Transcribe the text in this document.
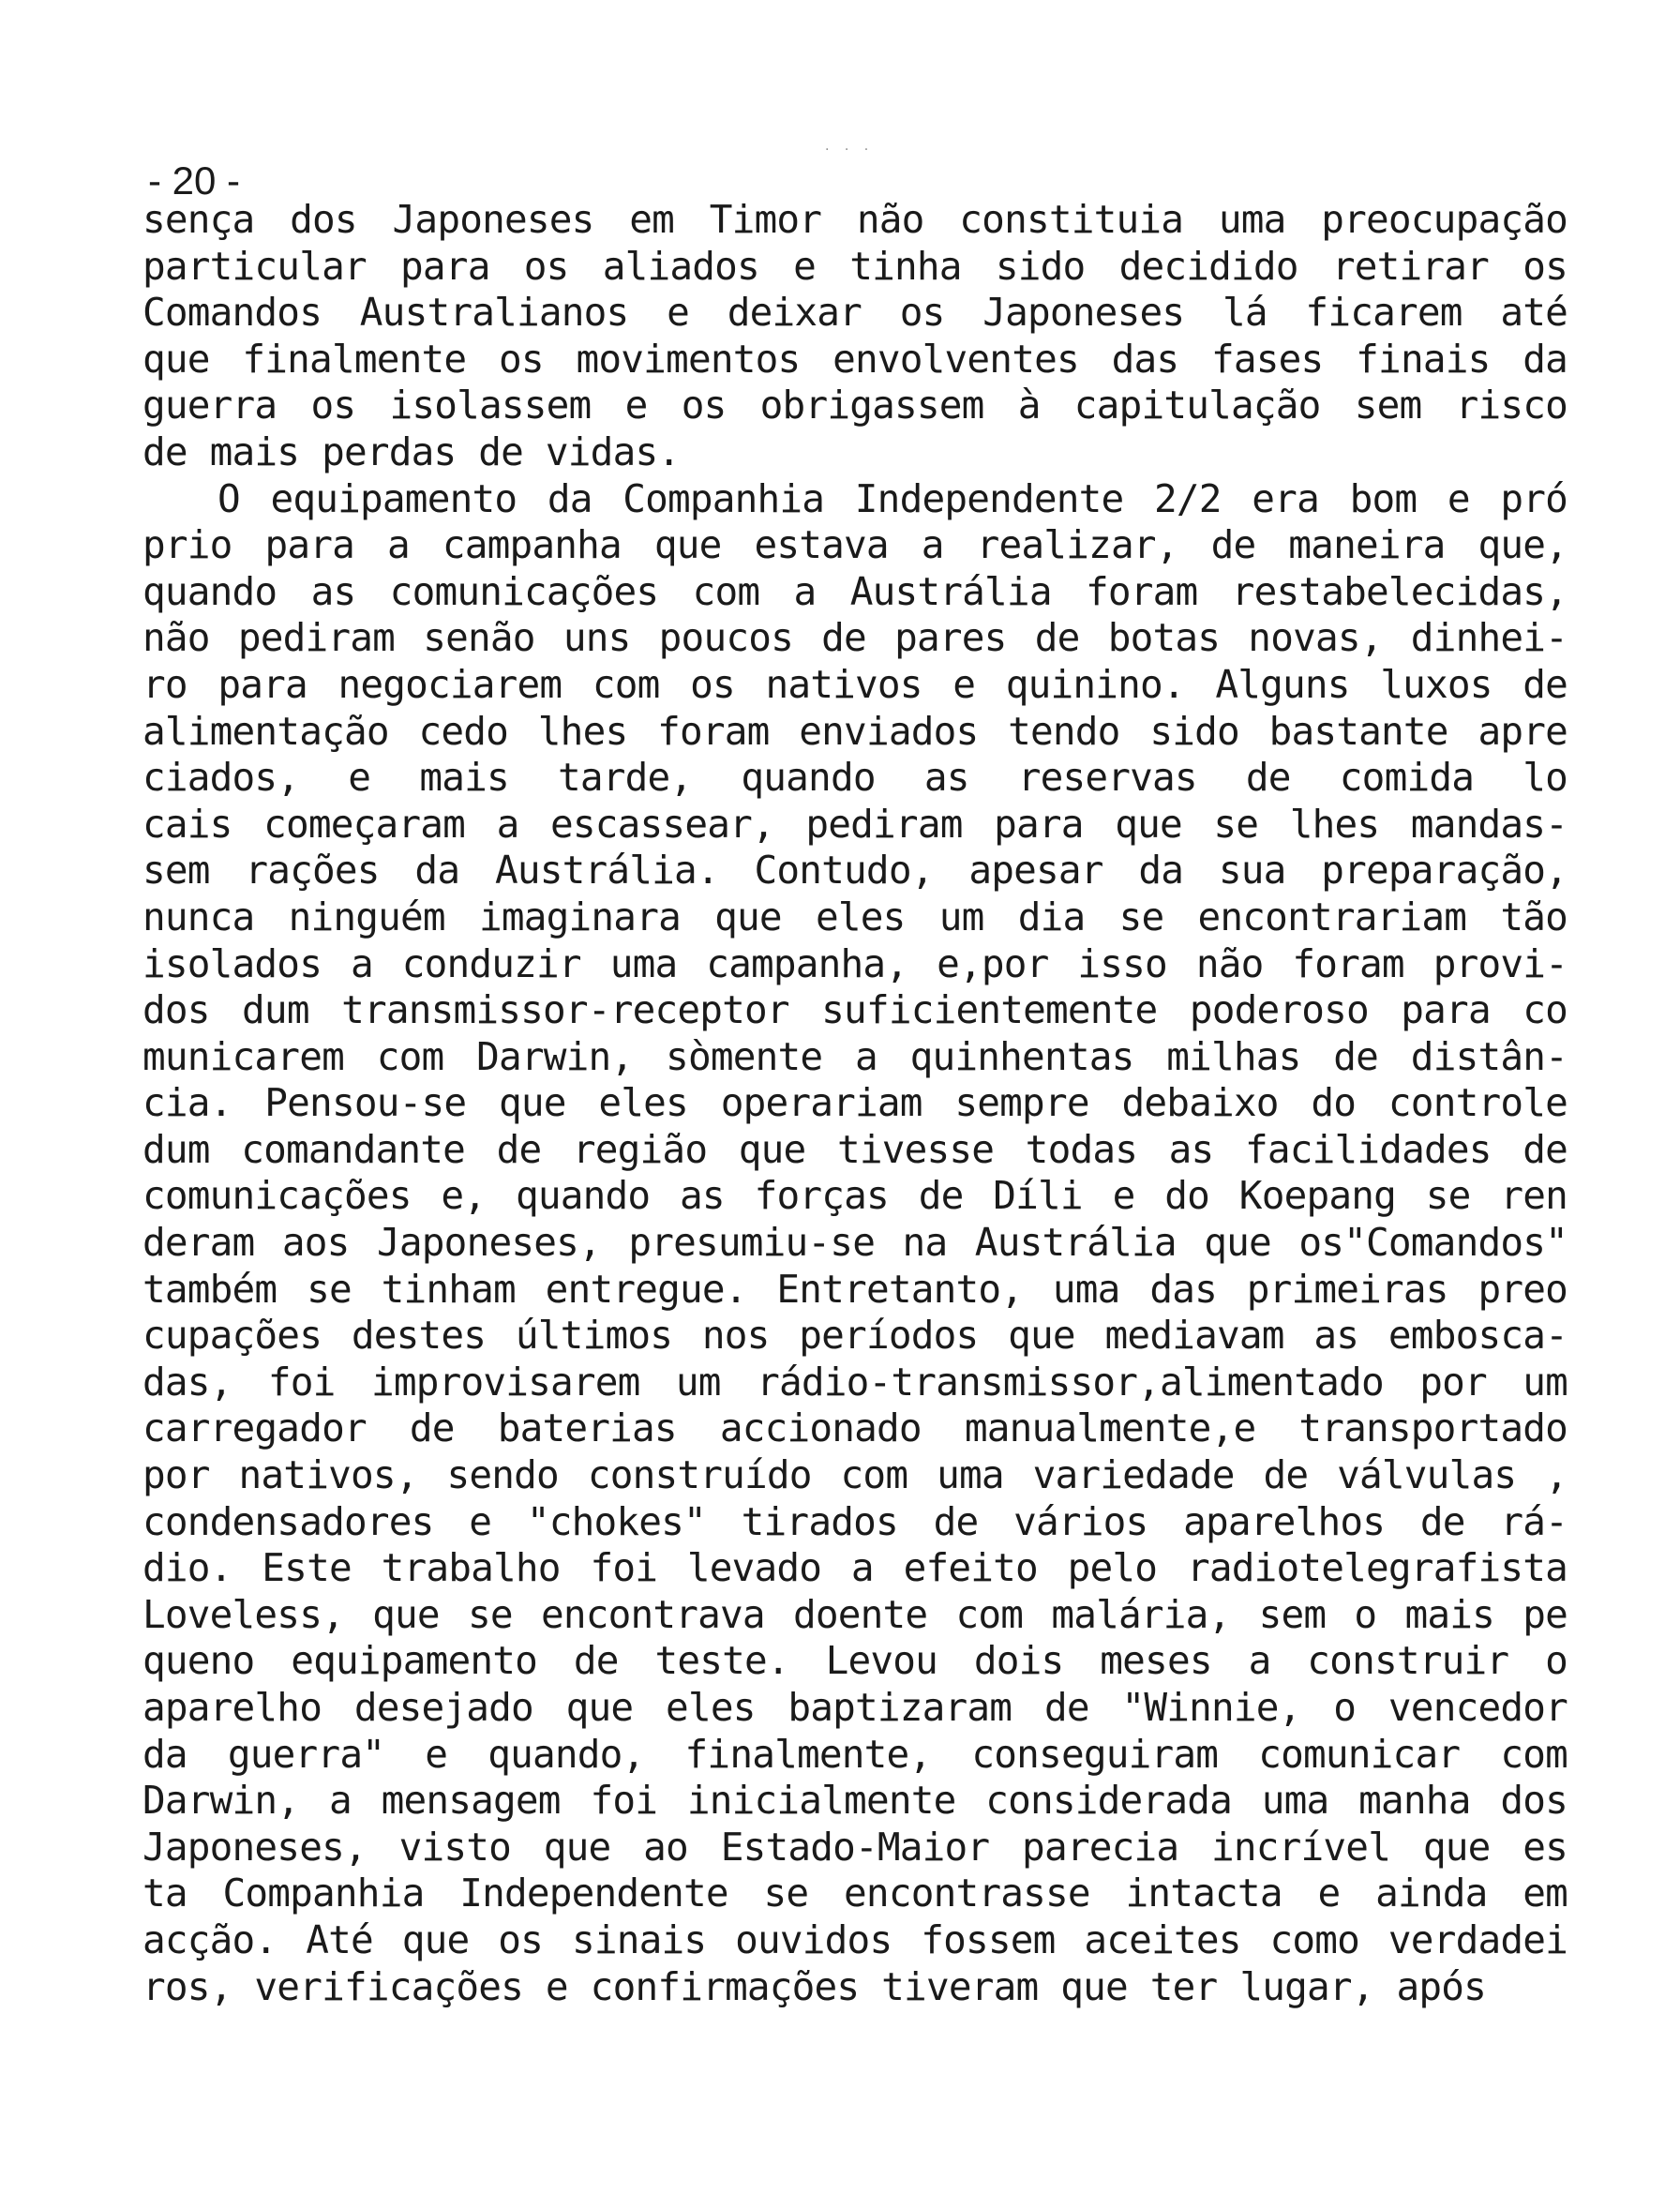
. . .
- 20 -
sença dos Japoneses em Timor não constituia uma preocupação
particular para os aliados e tinha sido decidido retirar os
Comandos Australianos e deixar os Japoneses lá ficarem até
que finalmente os movimentos envolventes das fases finais da
guerra os isolassem e os obrigassem à capitulação sem risco
de mais perdas de vidas.
O equipamento da Companhia Independente 2/2 era bom e pró
prio para a campanha que estava a realizar, de maneira que,
quando as comunicações com a Austrália foram restabelecidas,
não pediram senão uns poucos de pares de botas novas, dinhei-
ro para negociarem com os nativos e quinino. Alguns luxos de
alimentação cedo lhes foram enviados tendo sido bastante apre
ciados, e mais tarde, quando as reservas de comida lo
cais começaram a escassear, pediram para que se lhes mandas-
sem rações da Austrália. Contudo, apesar da sua preparação,
nunca ninguém imaginara que eles um dia se encontrariam tão
isolados a conduzir uma campanha, e,por isso não foram provi-
dos dum transmissor-receptor suficientemente poderoso para co
municarem com Darwin, sòmente a quinhentas milhas de distân-
cia. Pensou-se que eles operariam sempre debaixo do controle
dum comandante de região que tivesse todas as facilidades de
comunicações e, quando as forças de Díli e do Koepang se ren
deram aos Japoneses, presumiu-se na Austrália que os"Comandos"
também se tinham entregue. Entretanto, uma das primeiras preo
cupações destes últimos nos períodos que mediavam as embosca-
das, foi improvisarem um rádio-transmissor,alimentado por um
carregador de baterias accionado manualmente,e transportado
por nativos, sendo construído com uma variedade de válvulas ,
condensadores e "chokes" tirados de vários aparelhos de rá-
dio. Este trabalho foi levado a efeito pelo radiotelegrafista
Loveless, que se encontrava doente com malária, sem o mais pe
queno equipamento de teste. Levou dois meses a construir o
aparelho desejado que eles baptizaram de "Winnie, o vencedor
da guerra" e quando, finalmente, conseguiram comunicar com
Darwin, a mensagem foi inicialmente considerada uma manha dos
Japoneses, visto que ao Estado-Maior parecia incrível que es
ta Companhia Independente se encontrasse intacta e ainda em
acção. Até que os sinais ouvidos fossem aceites como verdadei
ros, verificações e confirmações tiveram que ter lugar, após
